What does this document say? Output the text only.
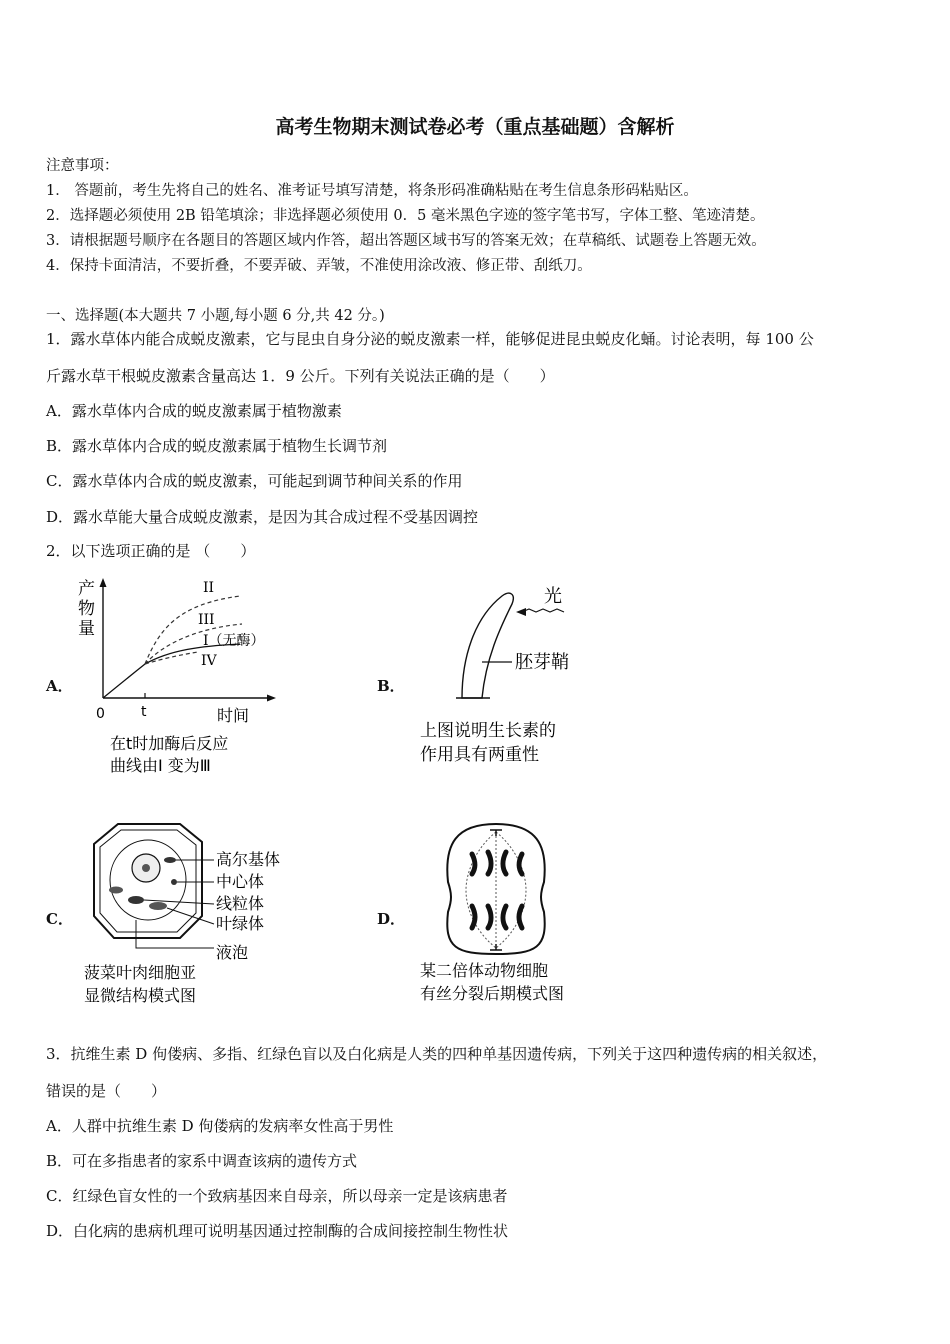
高考生物期末测试卷必考（重点基础题）含解析
注意事项：
1． 答题前，考生先将自己的姓名、准考证号填写清楚，将条形码准确粘贴在考生信息条形码粘贴区。
2．选择题必须使用 2B 铅笔填涂；非选择题必须使用 0．5 毫米黑色字迹的签字笔书写，字体工整、笔迹清楚。
3．请根据题号顺序在各题目的答题区域内作答，超出答题区域书写的答案无效；在草稿纸、试题卷上答题无效。
4．保持卡面清洁，不要折叠，不要弄破、弄皱，不准使用涂改液、修正带、刮纸刀。
一、选择题(本大题共 7 小题,每小题 6 分,共 42 分。)
1．露水草体内能合成蜕皮激素，它与昆虫自身分泌的蜕皮激素一样，能够促进昆虫蜕皮化蛹。讨论表明，每 100 公
斤露水草干根蜕皮激素含量高达 1．9 公斤。下列有关说法正确的是（　　）
A．露水草体内合成的蜕皮激素属于植物激素
B．露水草体内合成的蜕皮激素属于植物生长调节剂
C．露水草体内合成的蜕皮激素，可能起到调节种间关系的作用
D．露水草能大量合成蜕皮激素，是因为其合成过程不受基因调控
2．以下选项正确的是 （　　）
A．	B．
C．	D．
产
物
量
0	t	时间
II
III
I（无酶）
IV
在t时加酶后反应
曲线由Ⅰ 变为Ⅲ
光
胚芽鞘
上图说明生长素的
作用具有两重性
高尔基体
中心体
线粒体
叶绿体
液泡
菠菜叶肉细胞亚
显微结构模式图
某二倍体动物细胞
有丝分裂后期模式图
3．抗维生素 D 佝偻病、多指、红绿色盲以及白化病是人类的四种单基因遗传病，下列关于这四种遗传病的相关叙述，
错误的是（　　）
A．人群中抗维生素 D 佝偻病的发病率女性高于男性
B．可在多指患者的家系中调查该病的遗传方式
C．红绿色盲女性的一个致病基因来自母亲，所以母亲一定是该病患者
D．白化病的患病机理可说明基因通过控制酶的合成间接控制生物性状
